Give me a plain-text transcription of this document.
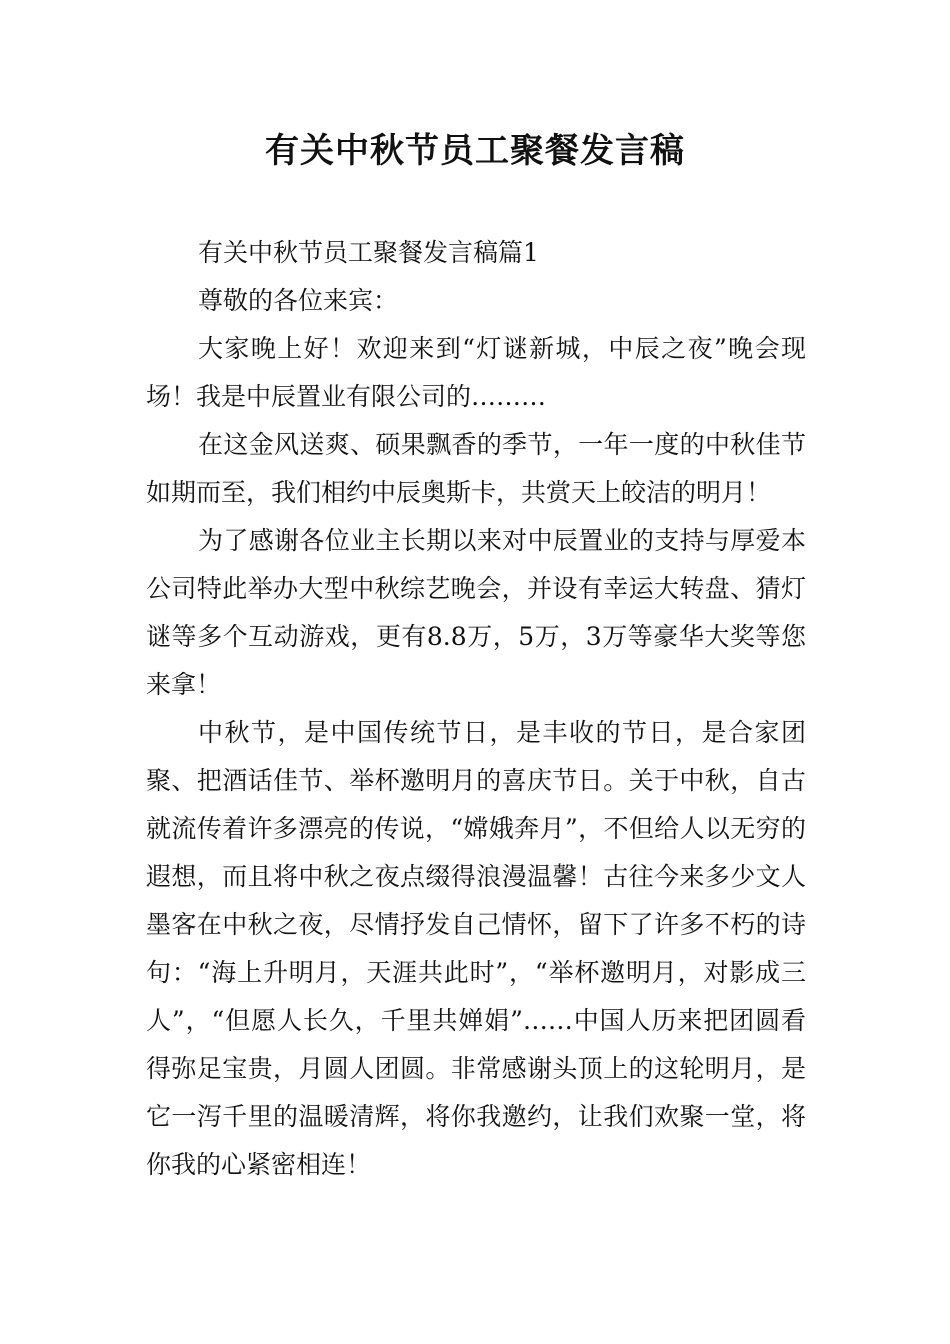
有关中秋节员工聚餐发言稿

有关中秋节员工聚餐发言稿篇1

尊敬的各位来宾：

大家晚上好！欢迎来到“灯谜新城，中辰之夜”晚会现场！我是中辰置业有限公司的………

在这金风送爽、硕果飘香的季节，一年一度的中秋佳节如期而至，我们相约中辰奥斯卡，共赏天上皎洁的明月！

为了感谢各位业主长期以来对中辰置业的支持与厚爱本公司特此举办大型中秋综艺晚会，并设有幸运大转盘、猜灯谜等多个互动游戏，更有8.8万，5万，3万等豪华大奖等您来拿！

中秋节，是中国传统节日，是丰收的节日，是合家团聚、把酒话佳节、举杯邀明月的喜庆节日。关于中秋，自古就流传着许多漂亮的传说，“嫦娥奔月”，不但给人以无穷的遐想，而且将中秋之夜点缀得浪漫温馨！古往今来多少文人墨客在中秋之夜，尽情抒发自己情怀，留下了许多不朽的诗句：“海上升明月，天涯共此时”，“举杯邀明月，对影成三人”，“但愿人长久，千里共婵娟”……中国人历来把团圆看得弥足宝贵，月圆人团圆。非常感谢头顶上的这轮明月，是它一泻千里的温暖清辉，将你我邀约，让我们欢聚一堂，将你我的心紧密相连！
